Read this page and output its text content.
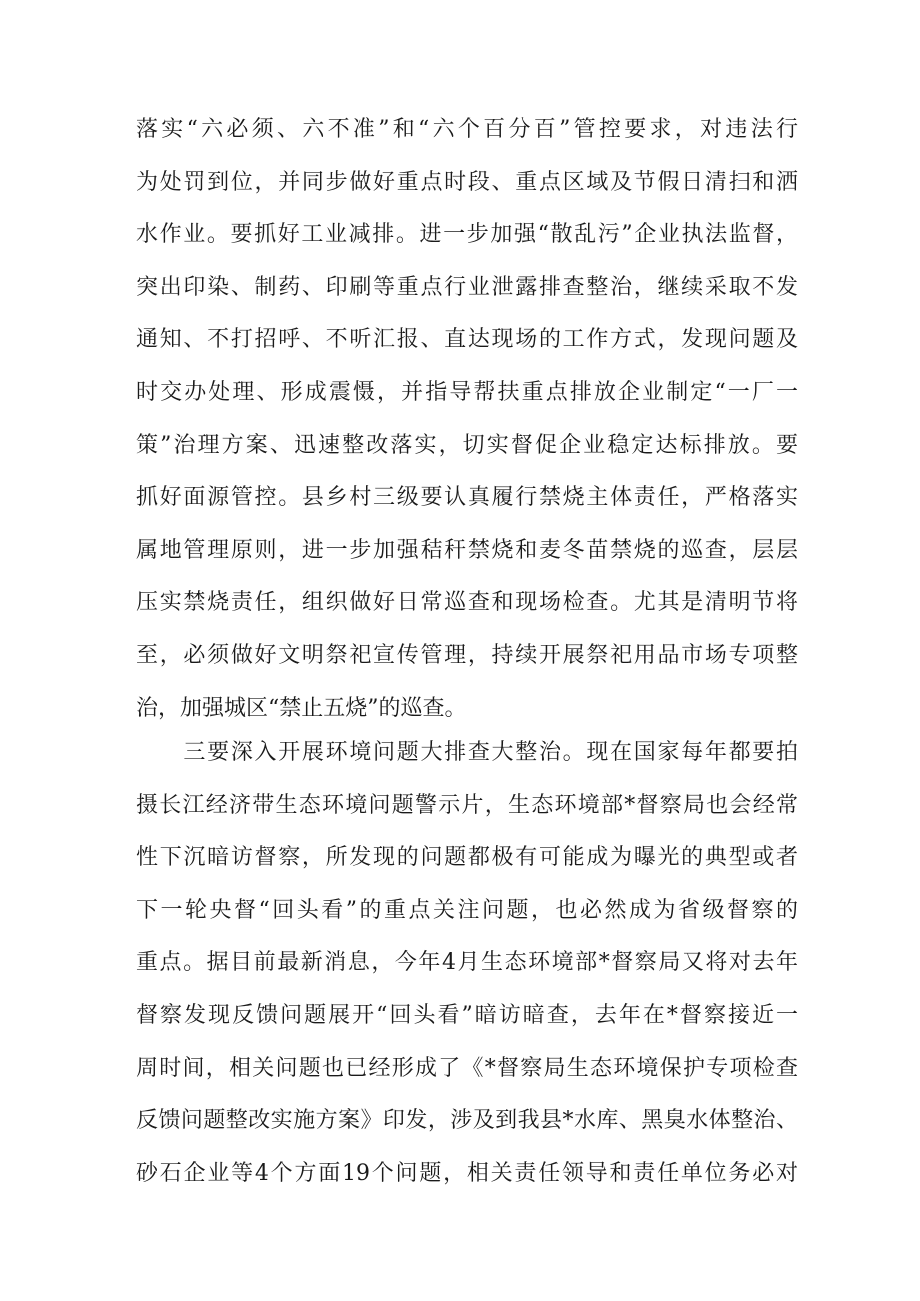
落实“六必须、六不准”和“六个百分百”管控要求，对违法行
为处罚到位，并同步做好重点时段、重点区域及节假日清扫和洒
水作业。要抓好工业减排。进一步加强“散乱污”企业执法监督，
突出印染、制药、印刷等重点行业泄露排查整治，继续采取不发
通知、不打招呼、不听汇报、直达现场的工作方式，发现问题及
时交办处理、形成震慑，并指导帮扶重点排放企业制定“一厂一
策”治理方案、迅速整改落实，切实督促企业稳定达标排放。要
抓好面源管控。县乡村三级要认真履行禁烧主体责任，严格落实
属地管理原则，进一步加强秸秆禁烧和麦冬苗禁烧的巡查，层层
压实禁烧责任，组织做好日常巡查和现场检查。尤其是清明节将
至，必须做好文明祭祀宣传管理，持续开展祭祀用品市场专项整
治，加强城区“禁止五烧”的巡查。
　　三要深入开展环境问题大排查大整治。现在国家每年都要拍
摄长江经济带生态环境问题警示片，生态环境部*督察局也会经常
性下沉暗访督察，所发现的问题都极有可能成为曝光的典型或者
下一轮央督“回头看”的重点关注问题，也必然成为省级督察的
重点。据目前最新消息，今年4月生态环境部*督察局又将对去年
督察发现反馈问题展开“回头看”暗访暗查，去年在*督察接近一
周时间，相关问题也已经形成了《*督察局生态环境保护专项检查
反馈问题整改实施方案》印发，涉及到我县*水库、黑臭水体整治、
砂石企业等4个方面19个问题，相关责任领导和责任单位务必对
